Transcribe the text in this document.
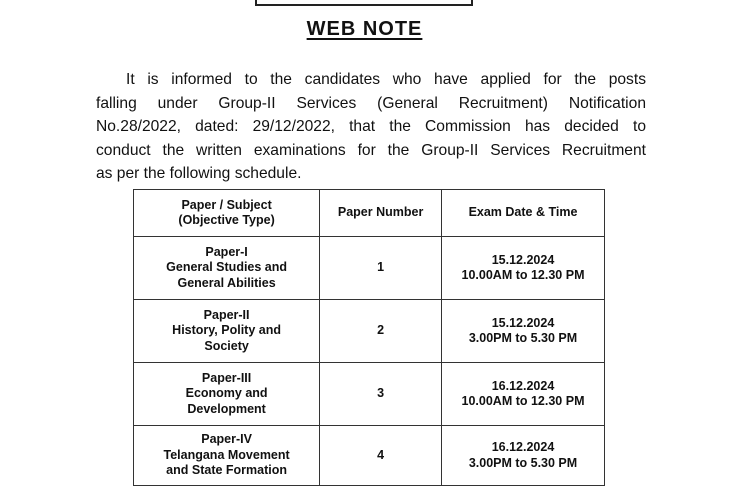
WEB NOTE
It is informed to the candidates who have applied for the posts
falling under Group-II Services (General Recruitment) Notification
No.28/2022, dated: 29/12/2022, that the Commission has decided to
conduct the written examinations for the Group-II Services Recruitment
as per the following schedule.
Paper / Subject
(Objective Type)	Paper Number	Exam Date & Time

Paper-I
General Studies and
General Abilities	1	15.12.2024
10.00AM to 12.30 PM

Paper-II
History, Polity and
Society	2	15.12.2024
3.00PM to 5.30 PM

Paper-III
Economy and
Development	3	16.12.2024
10.00AM to 12.30 PM

Paper-IV
Telangana Movement
and State Formation	4	16.12.2024
3.00PM to 5.30 PM
